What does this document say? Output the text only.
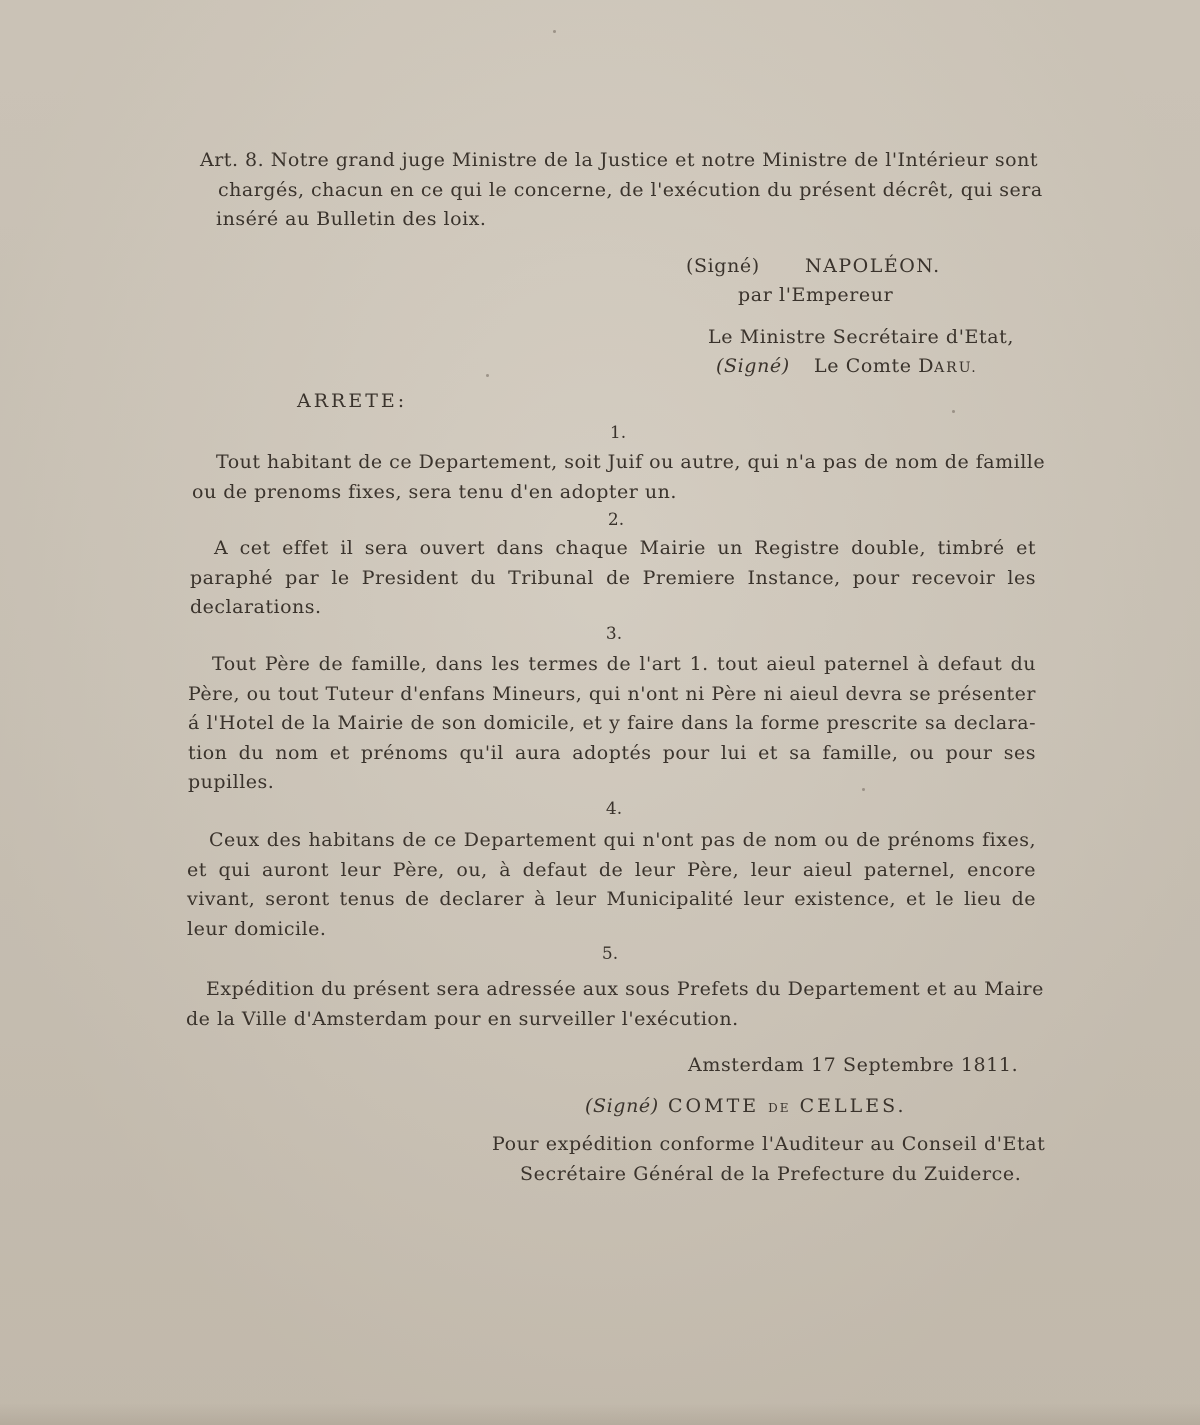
Art. 8. Notre grand juge Ministre de la Justice et notre Ministre de l'Intérieur sont
chargés, chacun en ce qui le concerne, de l'exécution du présent décrêt, qui sera
inséré au Bulletin des loix.
(Signé) NAPOLÉON.
par l'Empereur
Le Ministre Secrétaire d'Etat,
(Signé) Le Comte DARU.
ARRETE:
1.
Tout habitant de ce Departement, soit Juif ou autre, qui n'a pas de nom de famille
ou de prenoms fixes, sera tenu d'en adopter un.
2.
A cet effet il sera ouvert dans chaque Mairie un Registre double, timbré et
paraphé par le President du Tribunal de Premiere Instance, pour recevoir les
declarations.
3.
Tout Père de famille, dans les termes de l'art 1. tout aieul paternel à defaut du
Père, ou tout Tuteur d'enfans Mineurs, qui n'ont ni Père ni aieul devra se présenter
á l'Hotel de la Mairie de son domicile, et y faire dans la forme prescrite sa declara-
tion du nom et prénoms qu'il aura adoptés pour lui et sa famille, ou pour ses
pupilles.
4.
Ceux des habitans de ce Departement qui n'ont pas de nom ou de prénoms fixes,
et qui auront leur Père, ou, à defaut de leur Père, leur aieul paternel, encore
vivant, seront tenus de declarer à leur Municipalité leur existence, et le lieu de
leur domicile.
5.
Expédition du présent sera adressée aux sous Prefets du Departement et au Maire
de la Ville d'Amsterdam pour en surveiller l'exécution.
Amsterdam 17 Septembre 1811.
(Signé) COMTE DE CELLES.
Pour expédition conforme l'Auditeur au Conseil d'Etat
Secrétaire Général de la Prefecture du Zuiderce.
